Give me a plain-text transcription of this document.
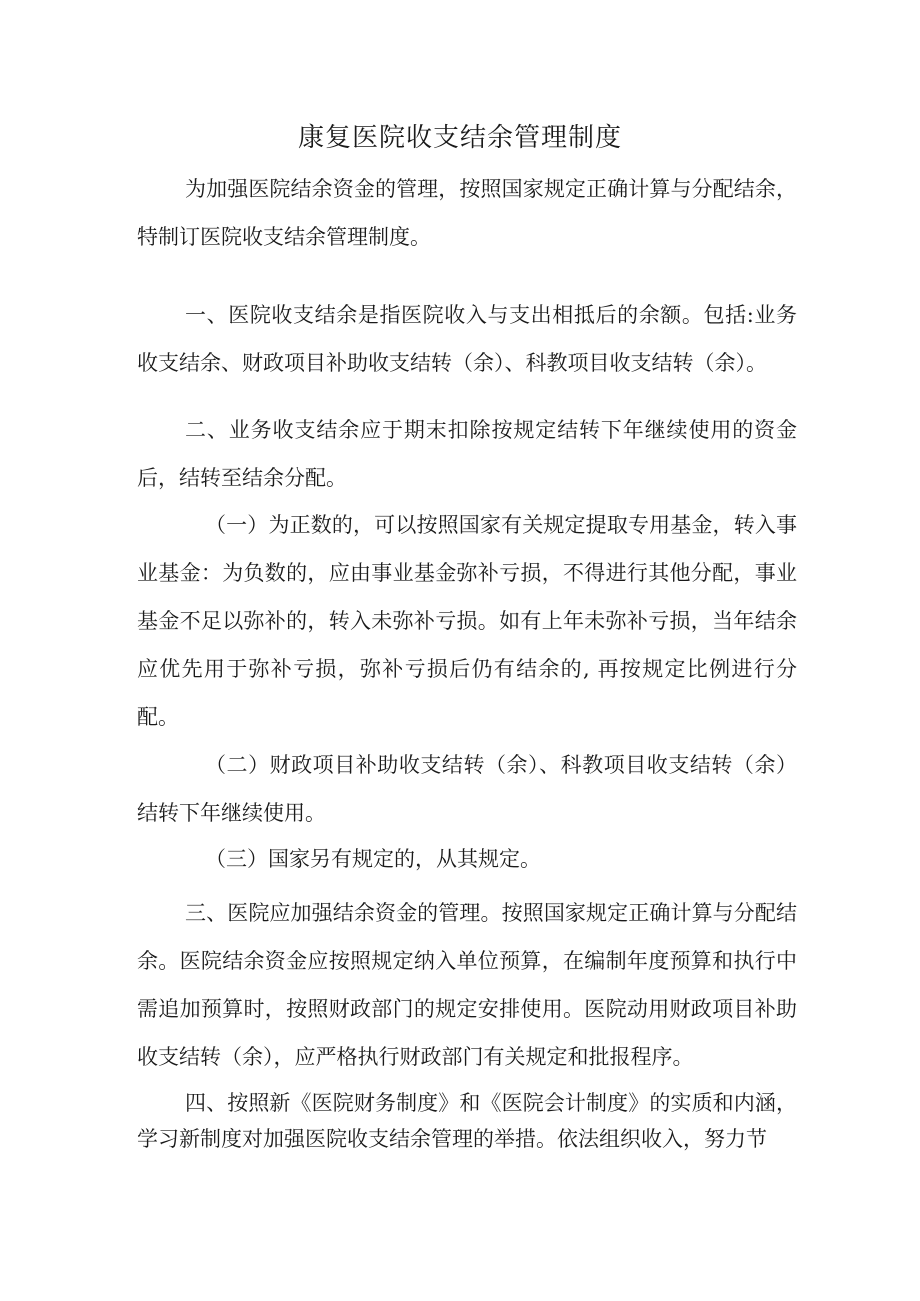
康复医院收支结余管理制度

为加强医院结余资金的管理，按照国家规定正确计算与分配结余，特制订医院收支结余管理制度。

一、医院收支结余是指医院收入与支出相抵后的余额。包括:业务收支结余、财政项目补助收支结转（余）、科教项目收支结转（余）。

二、业务收支结余应于期末扣除按规定结转下年继续使用的资金后，结转至结余分配。

（一）为正数的，可以按照国家有关规定提取专用基金，转入事业基金：为负数的，应由事业基金弥补亏损，不得进行其他分配，事业基金不足以弥补的，转入未弥补亏损。如有上年未弥补亏损，当年结余应优先用于弥补亏损，弥补亏损后仍有结余的, 再按规定比例进行分配。

（二）财政项目补助收支结转（余）、科教项目收支结转（余）结转下年继续使用。

（三）国家另有规定的，从其规定。

三、医院应加强结余资金的管理。按照国家规定正确计算与分配结余。医院结余资金应按照规定纳入单位预算，在编制年度预算和执行中需追加预算时，按照财政部门的规定安排使用。医院动用财政项目补助收支结转（余），应严格执行财政部门有关规定和批报程序。

四、按照新《医院财务制度》和《医院会计制度》的实质和内涵，学习新制度对加强医院收支结余管理的举措。依法组织收入，努力节
